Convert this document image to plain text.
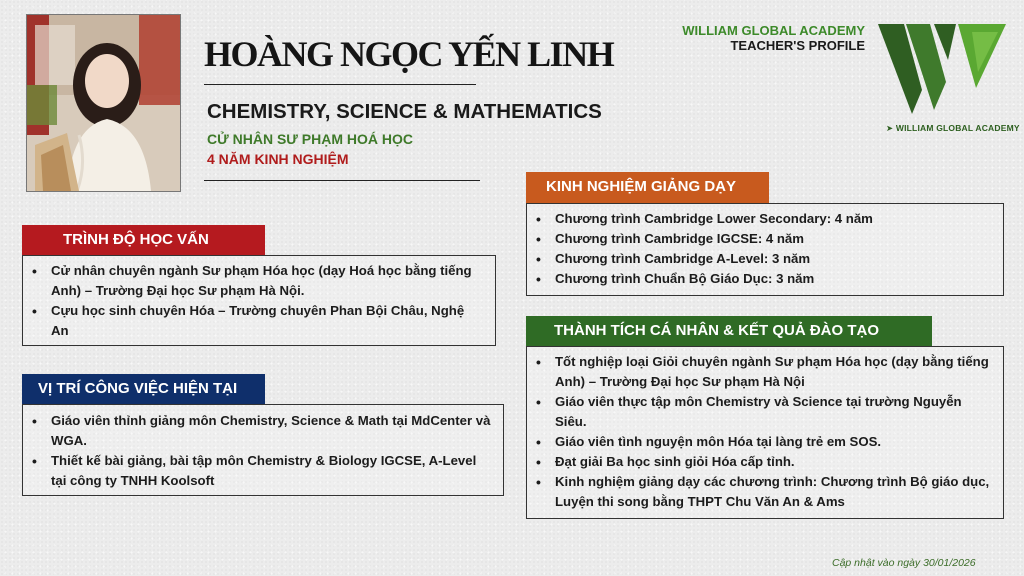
HOÀNG NGỌC YẾN LINH
CHEMISTRY, SCIENCE & MATHEMATICS
CỬ NHÂN SƯ PHẠM HOÁ HỌC
4 NĂM KINH NGHIỆM
WILLIAM GLOBAL ACADEMY
TEACHER'S PROFILE
➤ WILLIAM GLOBAL ACADEMY
TRÌNH ĐỘ HỌC VẤN
• Cử nhân chuyên ngành Sư phạm Hóa học (dạy Hoá học bằng tiếng Anh) – Trường Đại học Sư phạm Hà Nội.
• Cựu học sinh chuyên Hóa – Trường chuyên Phan Bội Châu, Nghệ An
VỊ TRÍ CÔNG VIỆC HIỆN TẠI
• Giáo viên thỉnh giảng môn Chemistry, Science & Math tại MdCenter và WGA.
• Thiết kế bài giảng, bài tập môn Chemistry & Biology IGCSE, A-Level tại công ty TNHH Koolsoft
KINH NGHIỆM GIẢNG DẠY
• Chương trình Cambridge Lower Secondary: 4 năm
• Chương trình Cambridge IGCSE: 4 năm
• Chương trình Cambridge A-Level: 3 năm
• Chương trình Chuẩn Bộ Giáo Dục: 3 năm
THÀNH TÍCH CÁ NHÂN & KẾT QUẢ ĐÀO TẠO
• Tốt nghiệp loại Giỏi chuyên ngành Sư phạm Hóa học (dạy bằng tiếng Anh) – Trường Đại học Sư phạm Hà Nội
• Giáo viên thực tập môn Chemistry và Science tại trường Nguyễn Siêu.
• Giáo viên tình nguyện môn Hóa tại làng trẻ em SOS.
• Đạt giải Ba học sinh giỏi Hóa cấp tỉnh.
• Kinh nghiệm giảng dạy các chương trình: Chương trình Bộ giáo dục, Luyện thi song bằng THPT Chu Văn An & Ams
Cập nhật vào ngày 30/01/2026
